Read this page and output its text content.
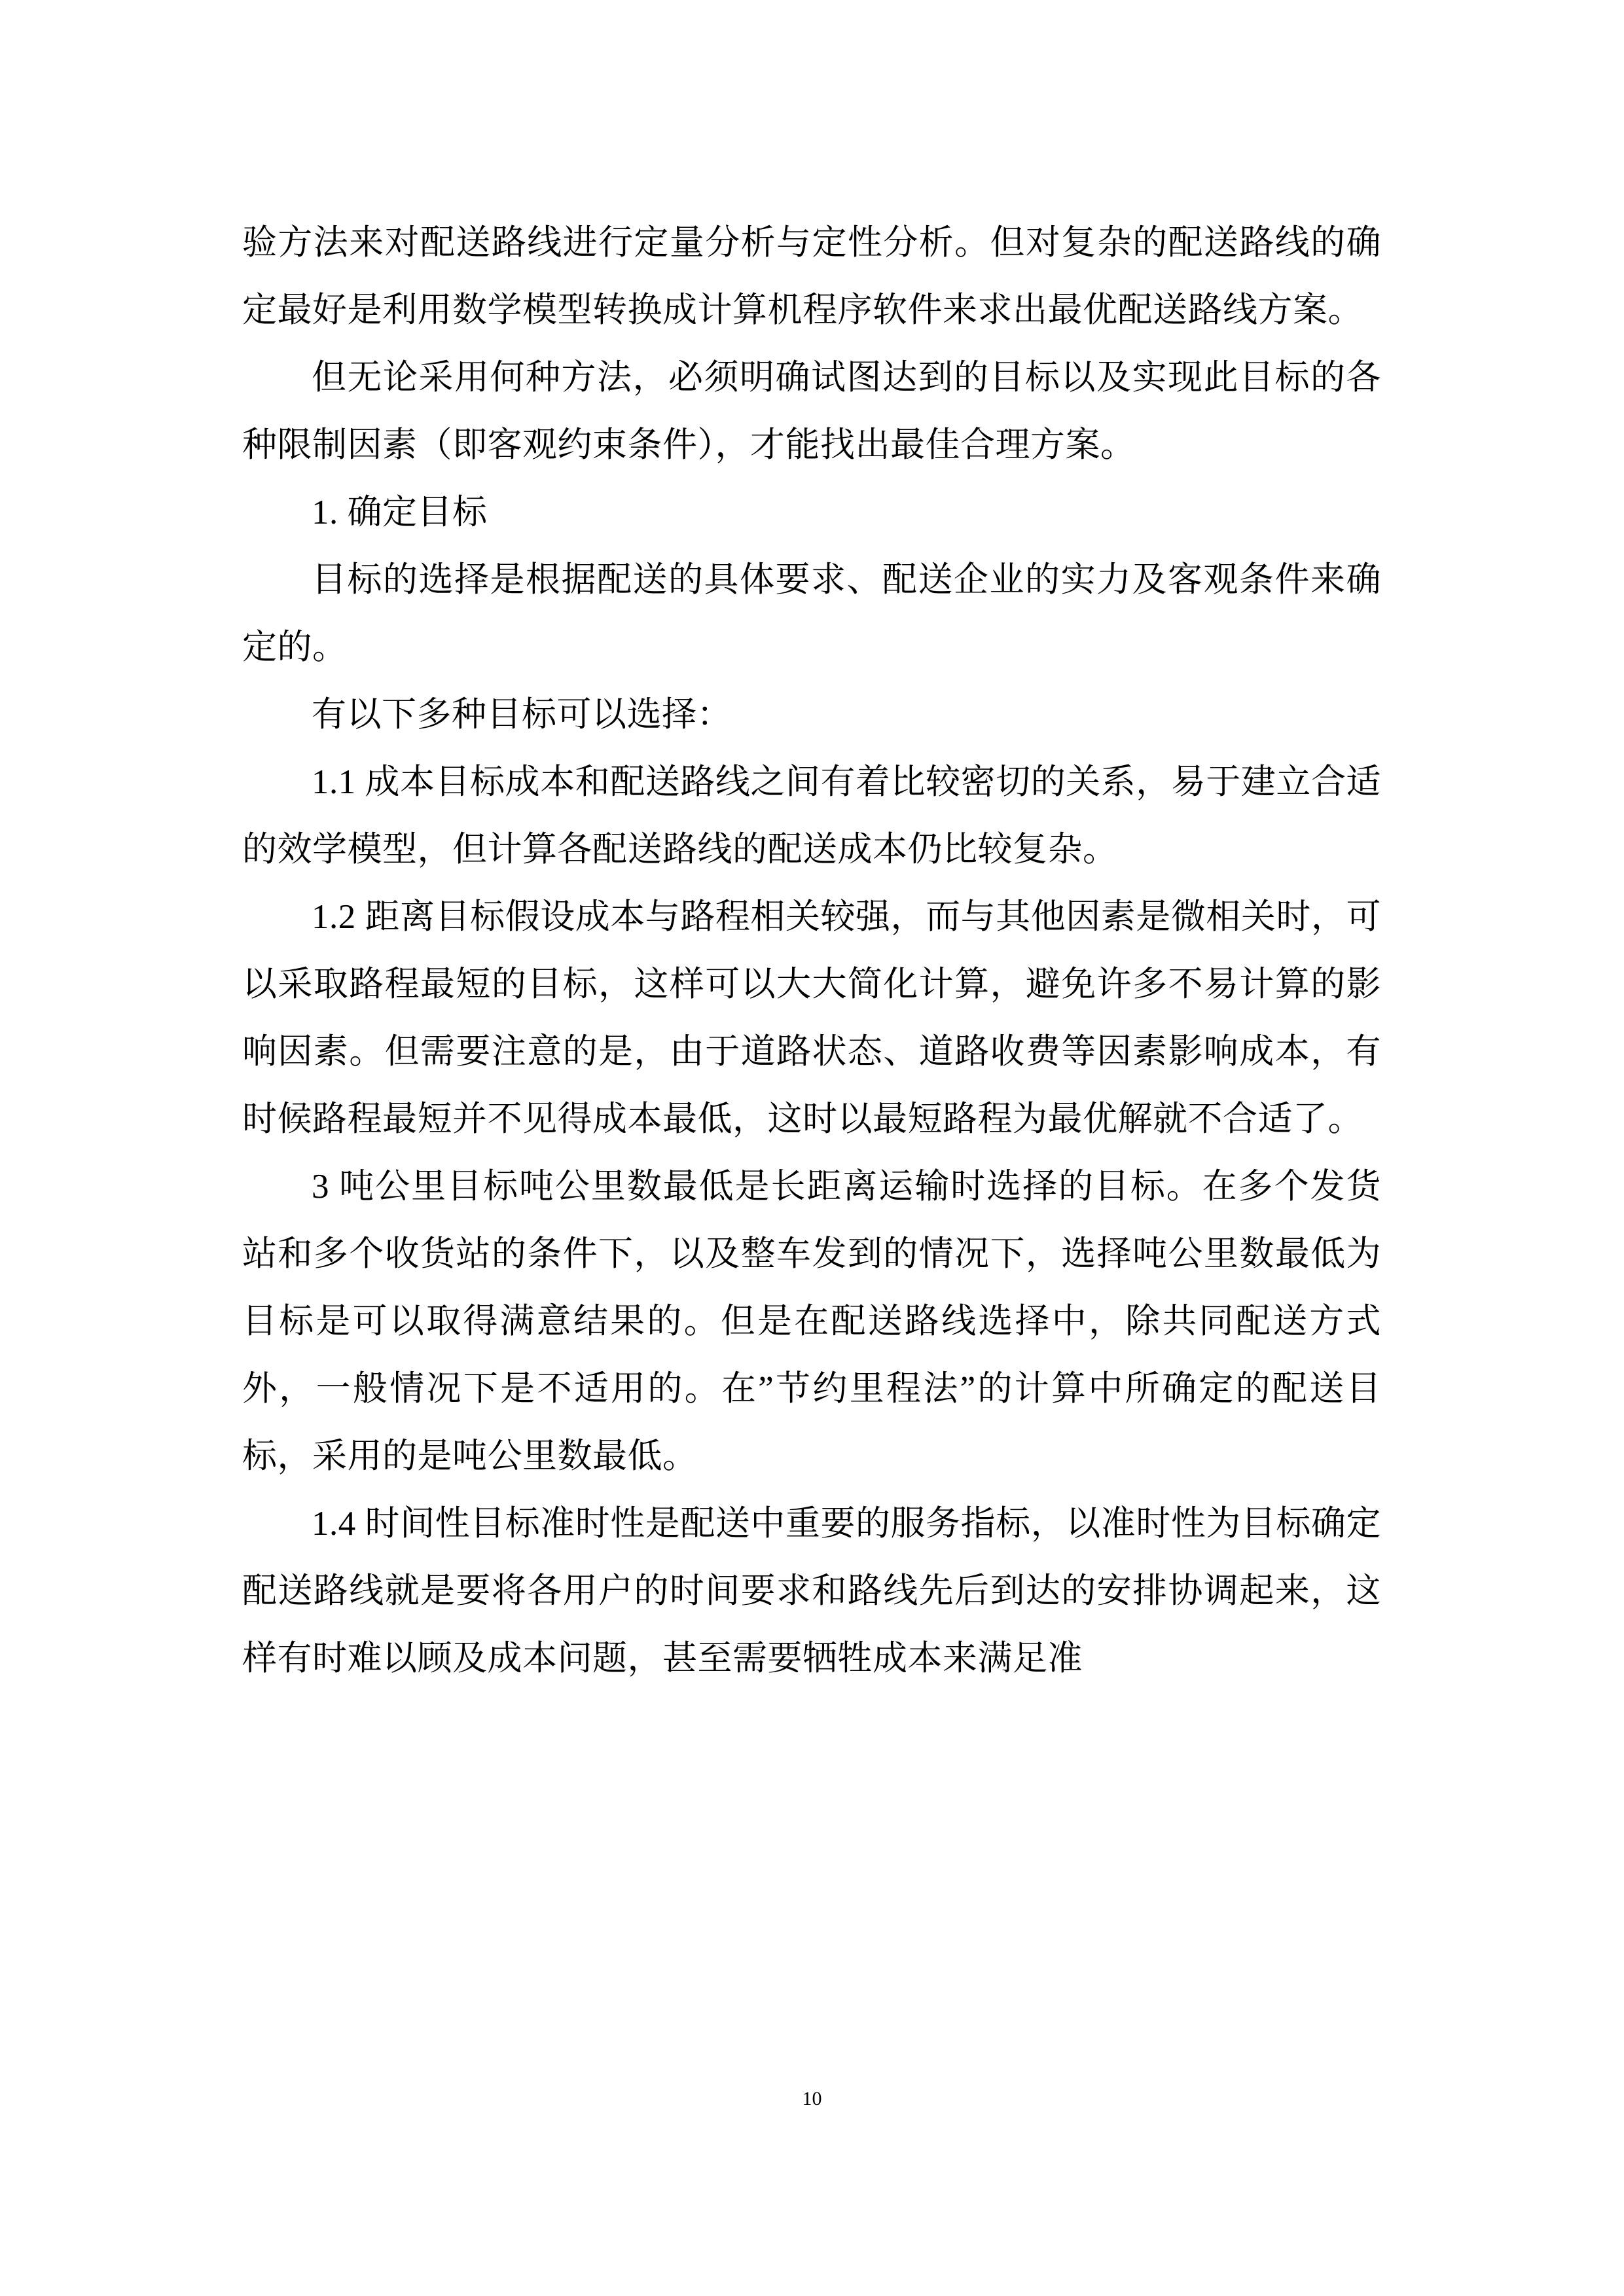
验方法来对配送路线进行定量分析与定性分析。但对复杂的配送路线的确定最好是利用数学模型转换成计算机程序软件来求出最优配送路线方案。

但无论采用何种方法，必须明确试图达到的目标以及实现此目标的各种限制因素（即客观约束条件），才能找出最佳合理方案。

1. 确定目标

目标的选择是根据配送的具体要求、配送企业的实力及客观条件来确定的。

有以下多种目标可以选择：

1.1 成本目标成本和配送路线之间有着比较密切的关系，易于建立合适的效学模型，但计算各配送路线的配送成本仍比较复杂。

1.2 距离目标假设成本与路程相关较强，而与其他因素是微相关时，可以采取路程最短的目标，这样可以大大简化计算，避免许多不易计算的影响因素。但需要注意的是，由于道路状态、道路收费等因素影响成本，有时候路程最短并不见得成本最低，这时以最短路程为最优解就不合适了。

3 吨公里目标吨公里数最低是长距离运输时选择的目标。在多个发货站和多个收货站的条件下，以及整车发到的情况下，选择吨公里数最低为目标是可以取得满意结果的。但是在配送路线选择中，除共同配送方式外，一般情况下是不适用的。在”节约里程法”的计算中所确定的配送目标，采用的是吨公里数最低。

1.4 时间性目标准时性是配送中重要的服务指标，以准时性为目标确定配送路线就是要将各用户的时间要求和路线先后到达的安排协调起来，这样有时难以顾及成本问题，甚至需要牺牲成本来满足准

10
